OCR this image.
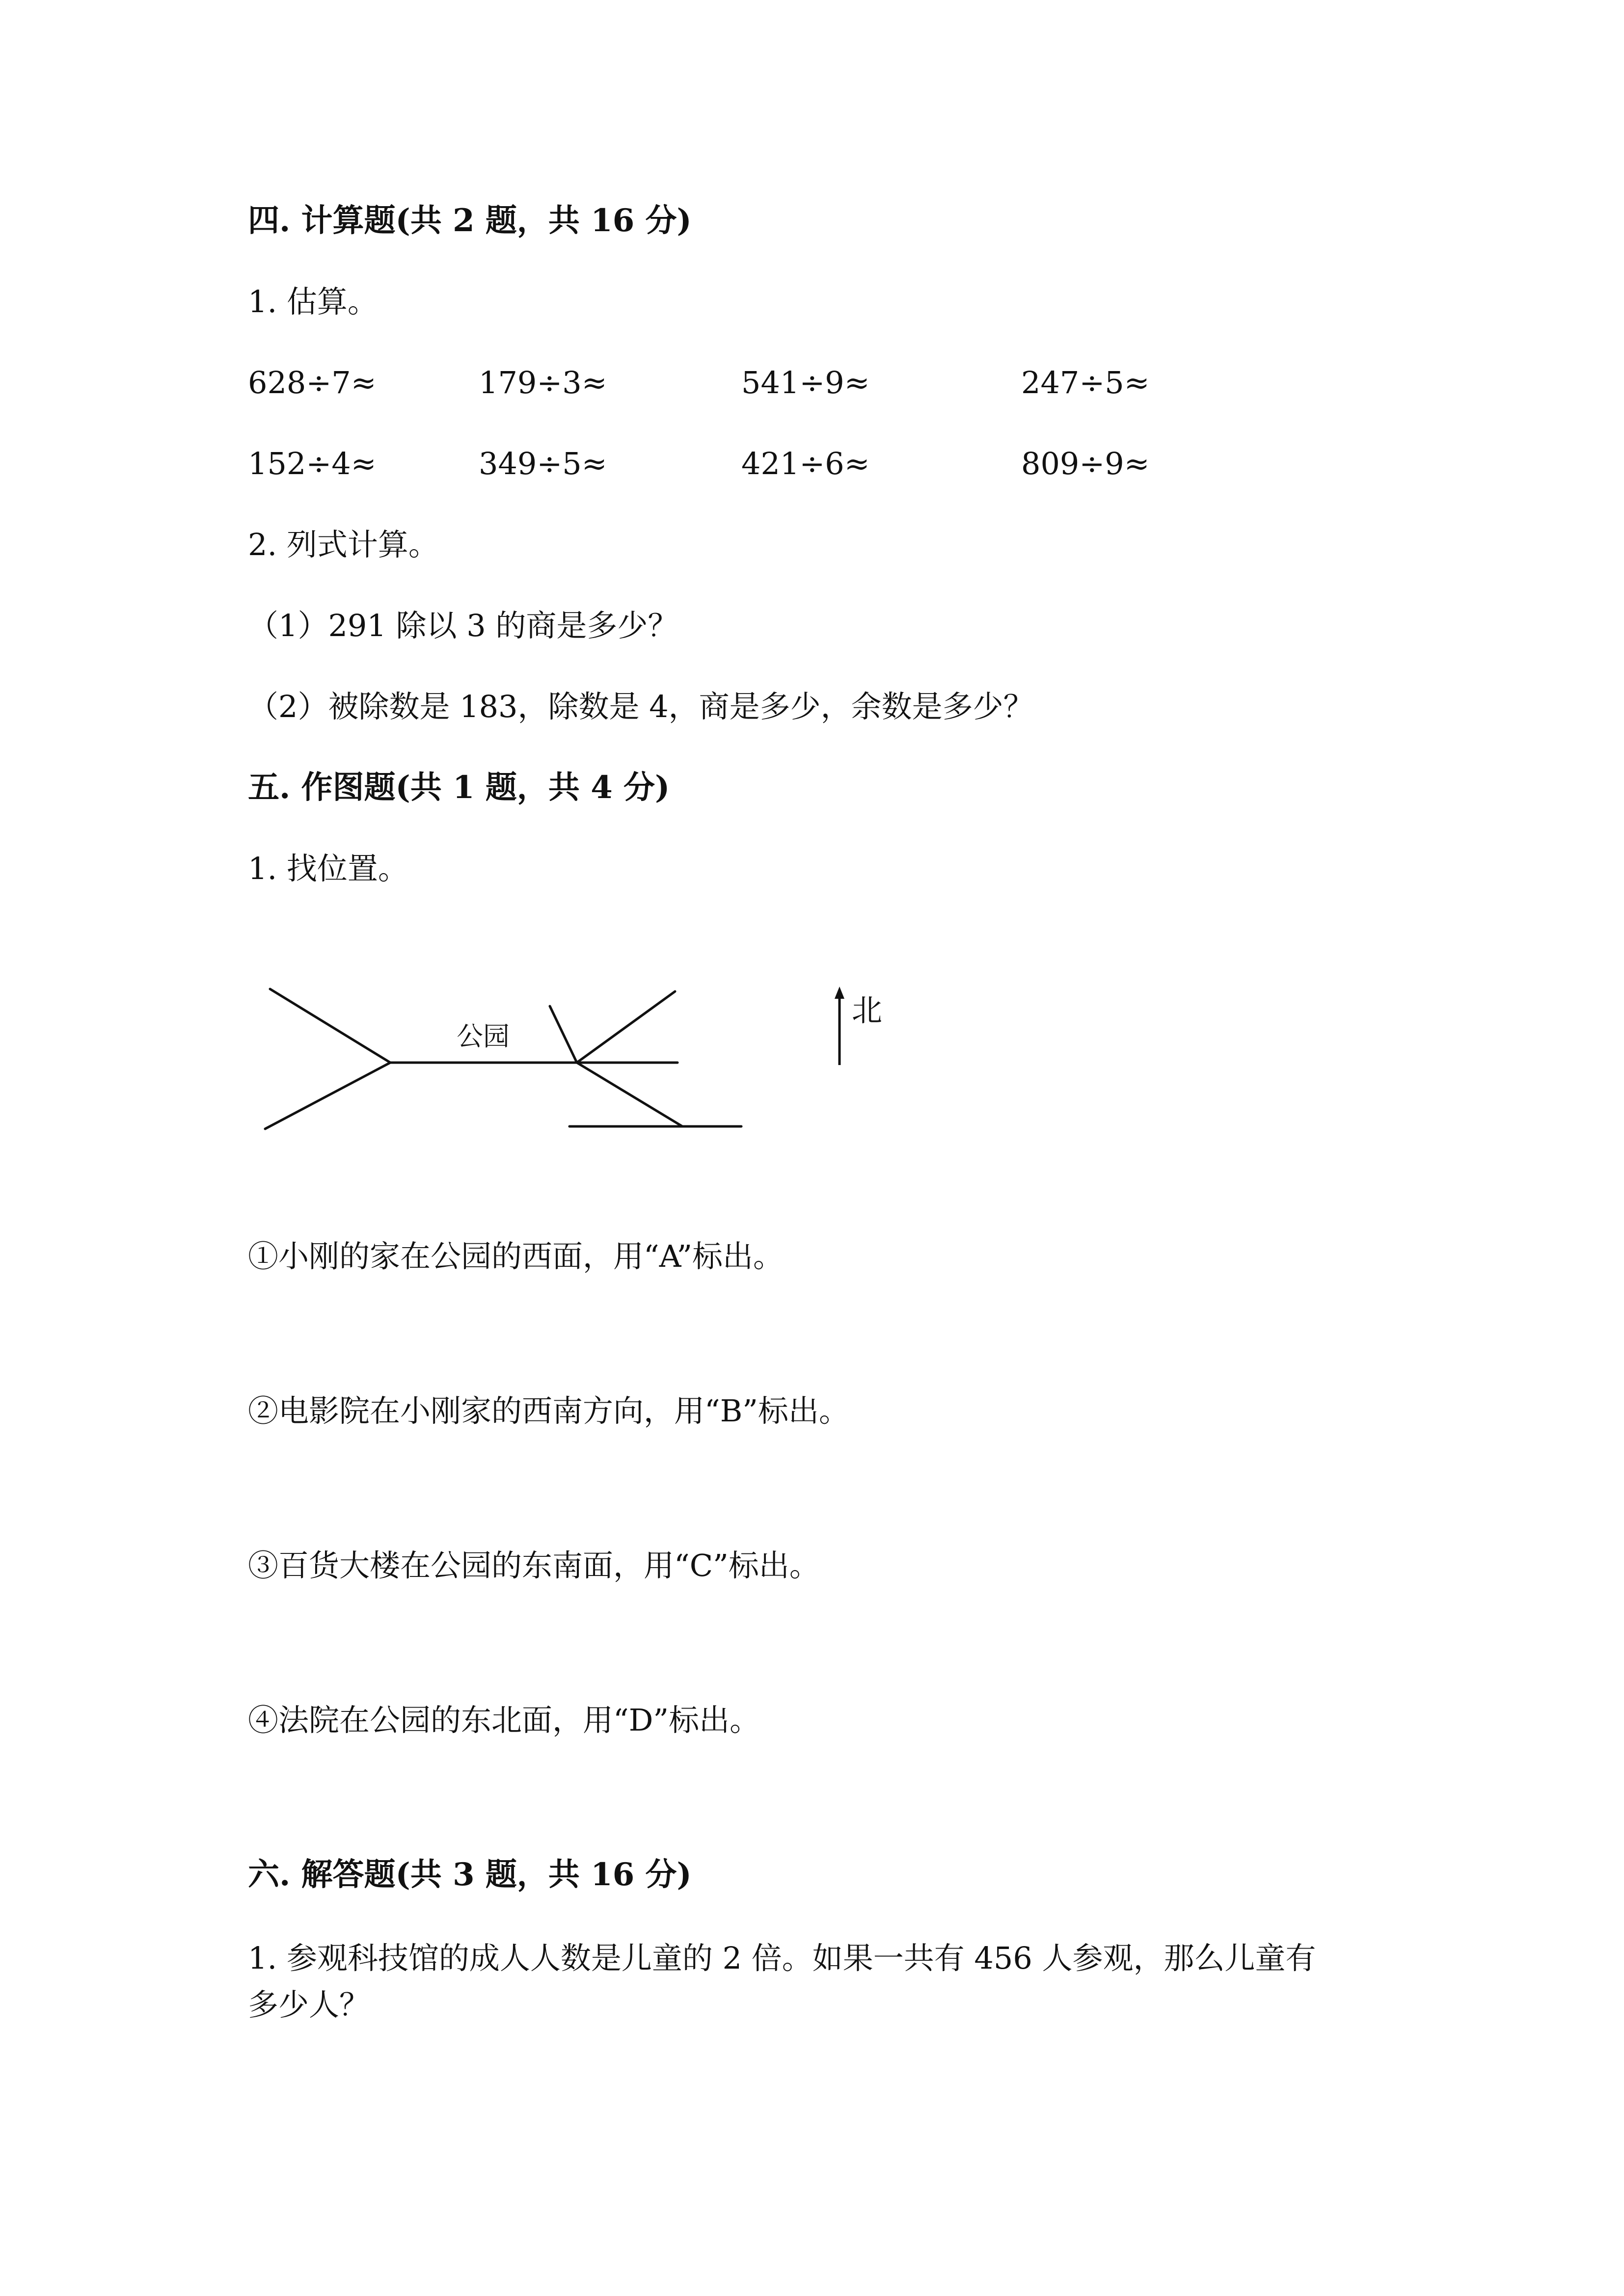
四. 计算题(共 2 题，共 16 分)
1. 估算。
628÷7≈	179÷3≈	541÷9≈	247÷5≈
152÷4≈	349÷5≈	421÷6≈	809÷9≈
2. 列式计算。
（1）291 除以 3 的商是多少？
（2）被除数是 183，除数是 4，商是多少，余数是多少？
五. 作图题(共 1 题，共 4 分)
1. 找位置。
公园
北
①小刚的家在公园的西面，用“A”标出。
②电影院在小刚家的西南方向，用“B”标出。
③百货大楼在公园的东南面，用“C”标出。
④法院在公园的东北面，用“D”标出。
六. 解答题(共 3 题，共 16 分)
1. 参观科技馆的成人人数是儿童的 2 倍。如果一共有 456 人参观，那么儿童有
多少人？
